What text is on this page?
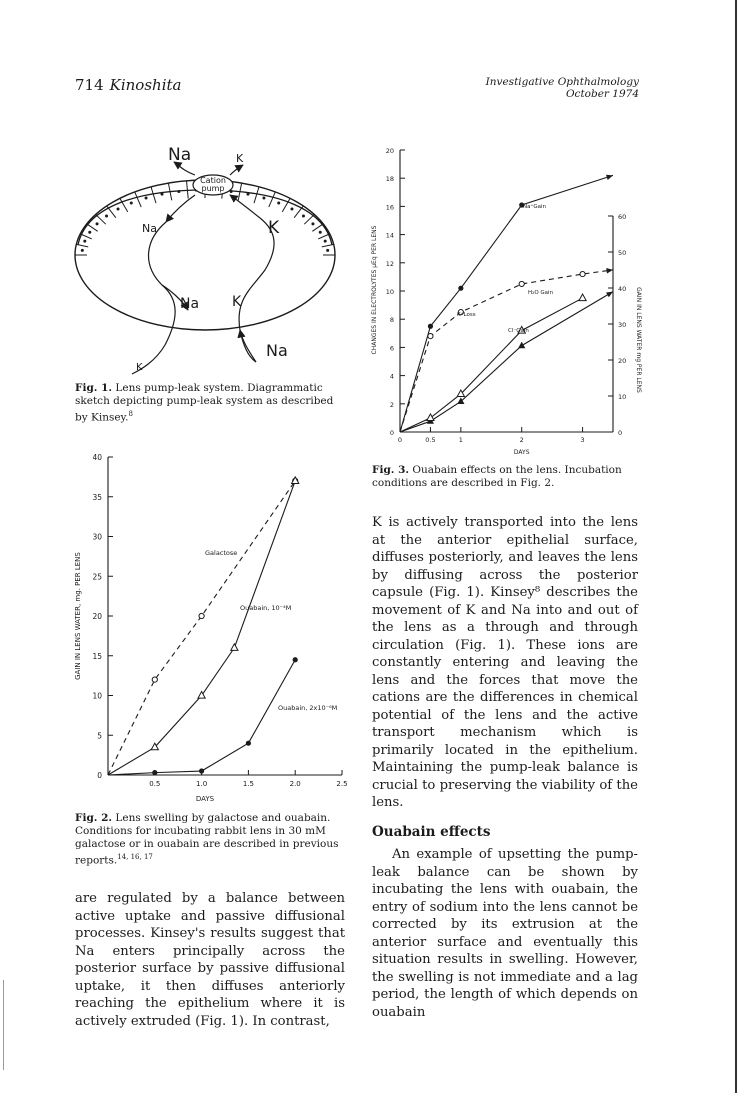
714 Kinoshita	Investigative Ophthalmology
October 1974
Cation
pump
Na	K
Na	K
Na K
Na
K
Fig. 1. Lens pump-leak system. Diagrammatic sketch depicting pump-leak system as described by Kinsey.$^8$
0
5
10
15
20
25
30
35
40
0.5	1.0	1.5	2.0	2.5
DAYS
GAIN IN LENS WATER, mg. PER LENS	Galactose
Ouabain, 10⁻⁴M
Ouabain, 2x10⁻⁶M
Fig. 2. Lens swelling by galactose and ouabain. Conditions for incubating rabbit lens in 30 mM galactose or in ouabain are described in previous reports.$^{14, 16, 17}$
0
2
4
6
8
10
12
14
16
18
20
0
10
20
30
40
50
60
0	0.5	1	2	3
DAYS
CHANGES IN ELECTROLYTES μEq PER LENS	GAIN IN LENS WATER mg PER LENS
Na⁺Gain
K⁺Loss
H₂O Gain
Cl⁻Gain
Fig. 3. Ouabain effects on the lens. Incubation conditions are described in Fig. 2.

are regulated by a balance between active uptake and passive diffusional processes. Kinsey's results suggest that Na enters principally across the posterior surface by passive diffusional uptake, it then diffuses anteriorly reaching the epithelium where it is actively extruded (Fig. 1). In contrast,

K is actively transported into the lens at the anterior epithelial surface, diffuses posteriorly, and leaves the lens by diffusing across the posterior capsule (Fig. 1). Kinsey⁸ describes the movement of K and Na into and out of the lens as a through and through circulation (Fig. 1). These ions are constantly entering and leaving the lens and the forces that move the cations are the differences in chemical potential of the lens and the active transport mechanism which is primarily located in the epithelium. Maintaining the pump-leak balance is crucial to preserving the viability of the lens.

Ouabain effects

An example of upsetting the pump-leak balance can be shown by incubating the lens with ouabain, the entry of sodium into the lens cannot be corrected by its extrusion at the anterior surface and eventually this situation results in swelling. However, the swelling is not immediate and a lag period, the length of which depends on ouabain
